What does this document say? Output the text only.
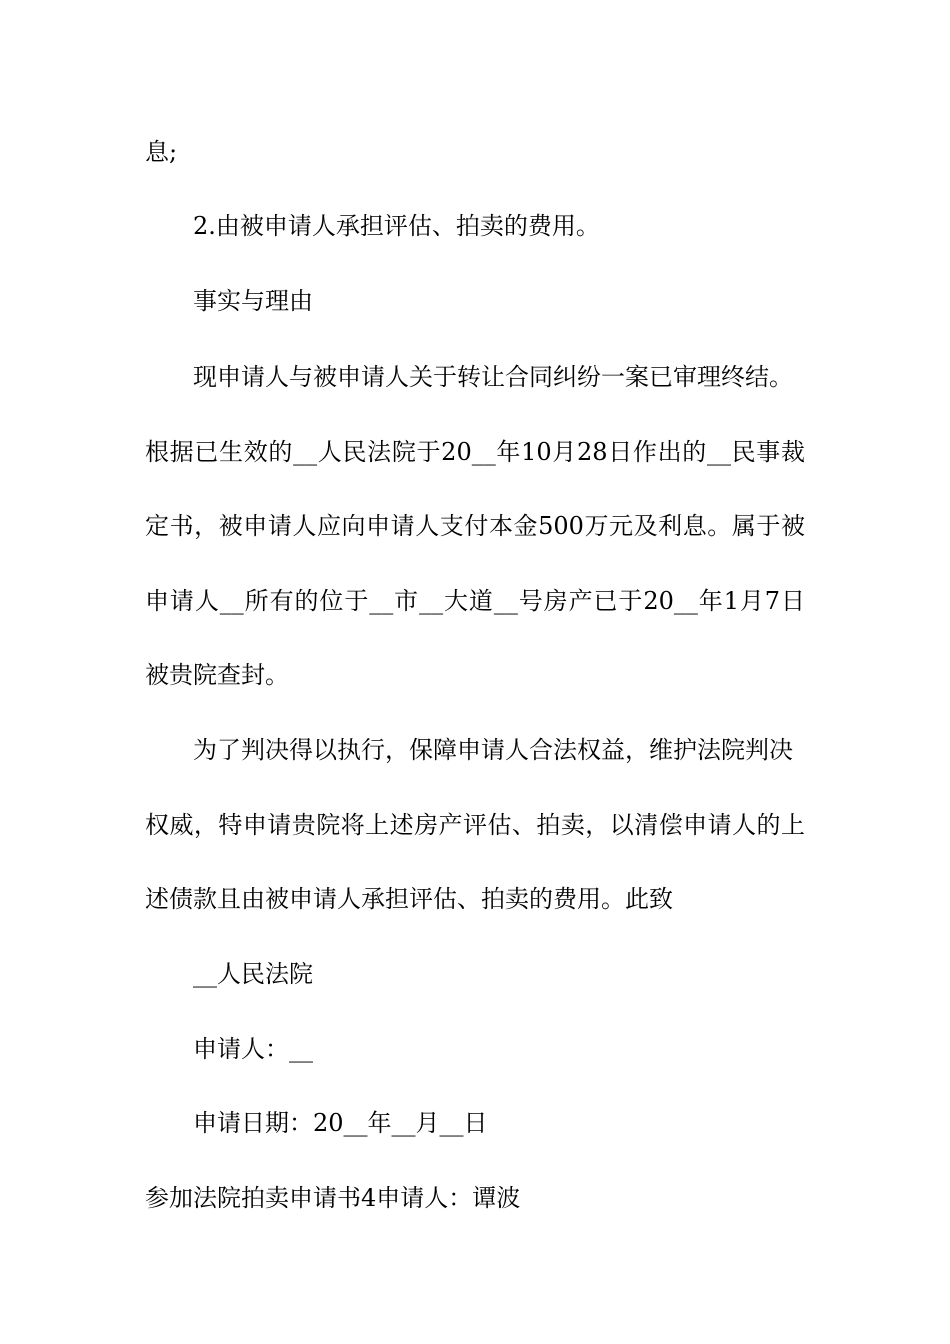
息;
2.由被申请人承担评估、拍卖的费用。
事实与理由
现申请人与被申请人关于转让合同纠纷一案已审理终结。
根据已生效的__人民法院于20__年10月28日作出的__民事裁
定书，被申请人应向申请人支付本金500万元及利息。属于被
申请人__所有的位于__市__大道__号房产已于20__年1月7日
被贵院查封。
为了判决得以执行，保障申请人合法权益，维护法院判决
权威，特申请贵院将上述房产评估、拍卖，以清偿申请人的上
述债款且由被申请人承担评估、拍卖的费用。此致
__人民法院
申请人：__
申请日期：20__年__月__日
参加法院拍卖申请书4申请人：谭波
